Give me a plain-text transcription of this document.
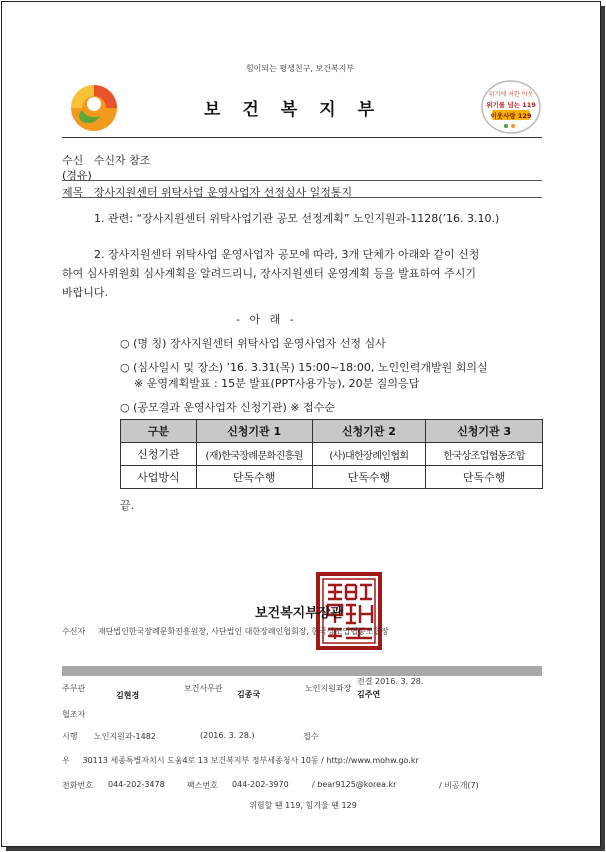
힘이되는 평생친구, 보건복지부
보건복지부
위기에 처한 이웃
위기를 넘는 119
이웃사랑 129
수신 수신자 참조
(경유)
제목 장사지원센터 위탁사업 운영사업자 선정심사 일정통지
1. 관련: “장사지원센터 위탁사업기관 공모 선정계획” 노인지원과-1128(’16. 3.10.)
2. 장사지원센터 위탁사업 운영사업자 공모에 따라, 3개 단체가 아래와 같이 신청
하여 심사위원회 심사계획을 알려드리니, 장사지원센터 운영계획 등을 발표하여 주시기
바랍니다.
- 아 래 -
○ (명 칭) 장사지원센터 위탁사업 운영사업자 선정 심사
○ (심사일시 및 장소) ’16. 3.31(목) 15:00~18:00, 노인인력개발원 회의실
※ 운영계획발표 : 15분 발표(PPT사용가능), 20분 질의응답
○ (공모결과 운영사업자 신청기관) ※ 접수순
구분	신청기관 1	신청기관 2	신청기관 3
신청기관	(재)한국장례문화진흥원	(사)대한장례인협회	한국상조업협동조합
사업방식	단독수행	단독수행	단독수행
끝.
보건복지부장관
수신자 재단법인한국장례문화진흥원장, 사단법인 대한장례인협회장, 한국상조업협동조합장
주무관
김현경
보건사무관
김종국
노인지원과장
전결 2016. 3. 28.
김주연
협조자
시행 노인지원과-1482	(2016. 3. 28.)	접수
우 30113 세종특별자치시 도움4로 13 보건복지부 정부세종청사 10동 / http://www.mohw.go.kr
전화번호 044-202-3478	팩스번호 044-202-3970	/ bear9125@korea.kr	/ 비공개(7)
위험할 땐 119, 힘겨울 땐 129
